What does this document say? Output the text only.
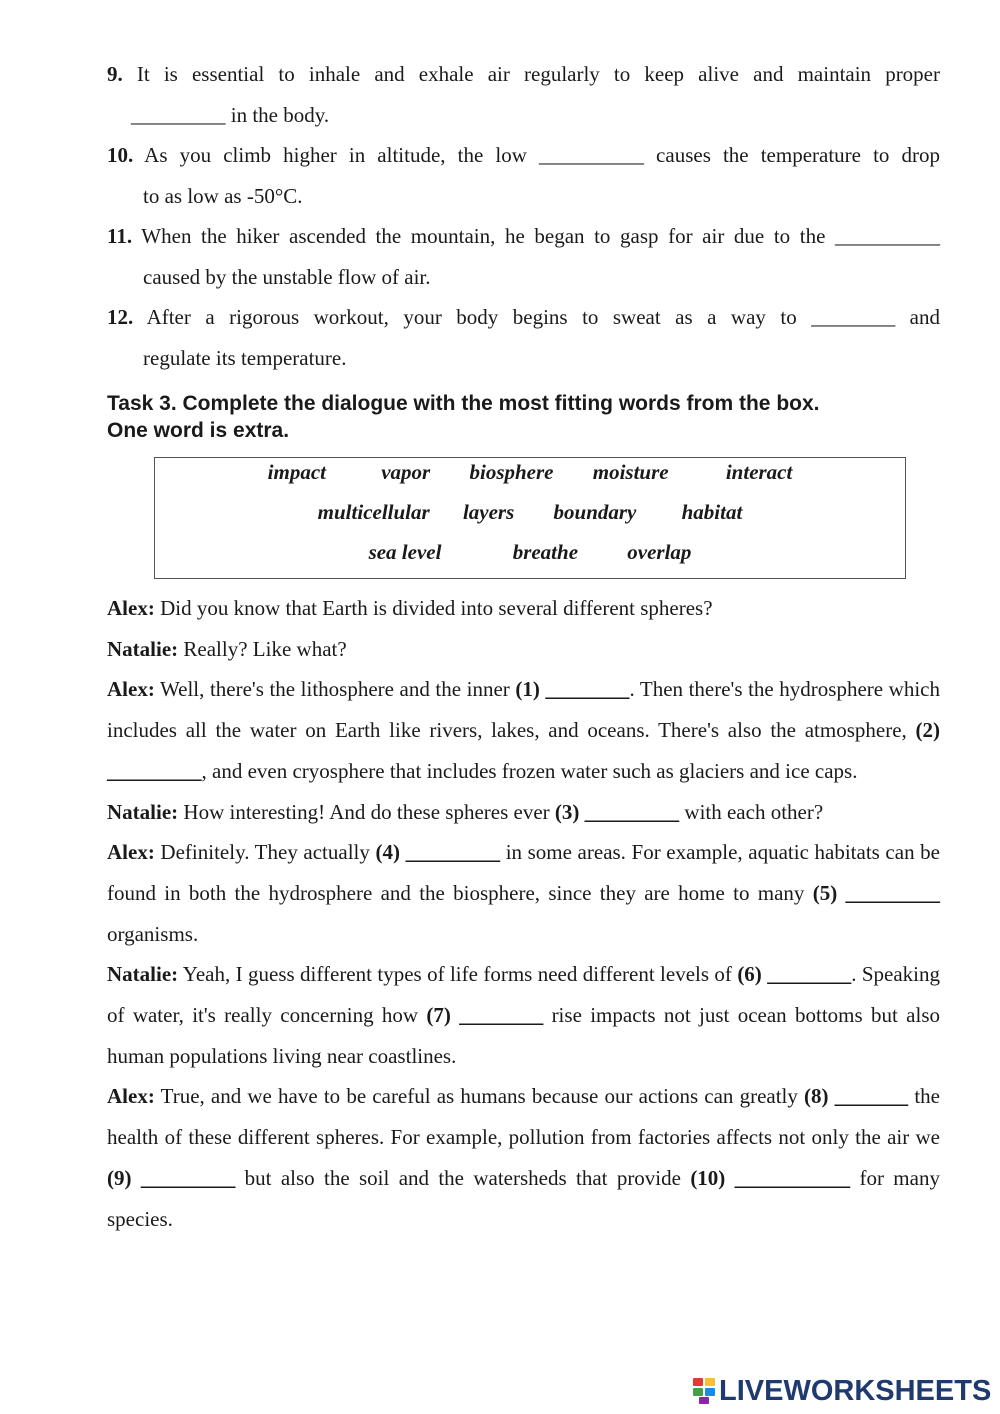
9. It is essential to inhale and exhale air regularly to keep alive and maintain proper
_________ in the body.
10. As you climb higher in altitude, the low __________ causes the temperature to drop
to as low as -50°C.
11. When the hiker ascended the mountain, he began to gasp for air due to the __________
caused by the unstable flow of air.
12. After a rigorous workout, your body begins to sweat as a way to ________ and
regulate its temperature.
Task 3. Complete the dialogue with the most fitting words from the box.
One word is extra.
impact	vapor biosphere moisture	interact
multicellular layers boundary habitat
sea level	breathe overlap

Alex: Did you know that Earth is divided into several different spheres?

Natalie: Really? Like what?

Alex: Well, there's the lithosphere and the inner (1) ________. Then there's the hydrosphere which includes all the water on Earth like rivers, lakes, and oceans. There's also the atmosphere, (2) _________, and even cryosphere that includes frozen water such as glaciers and ice caps.

Natalie: How interesting! And do these spheres ever (3) _________ with each other?

Alex: Definitely. They actually (4) _________ in some areas. For example, aquatic habitats can be found in both the hydrosphere and the biosphere, since they are home to many (5) _________ organisms.

Natalie: Yeah, I guess different types of life forms need different levels of (6) ________. Speaking of water, it's really concerning how (7) ________ rise impacts not just ocean bottoms but also human populations living near coastlines.

Alex: True, and we have to be careful as humans because our actions can greatly (8) _______ the health of these different spheres. For example, pollution from factories affects not only the air we (9) _________ but also the soil and the watersheds that provide (10) ___________ for many species.

LIVEWORKSHEETS
